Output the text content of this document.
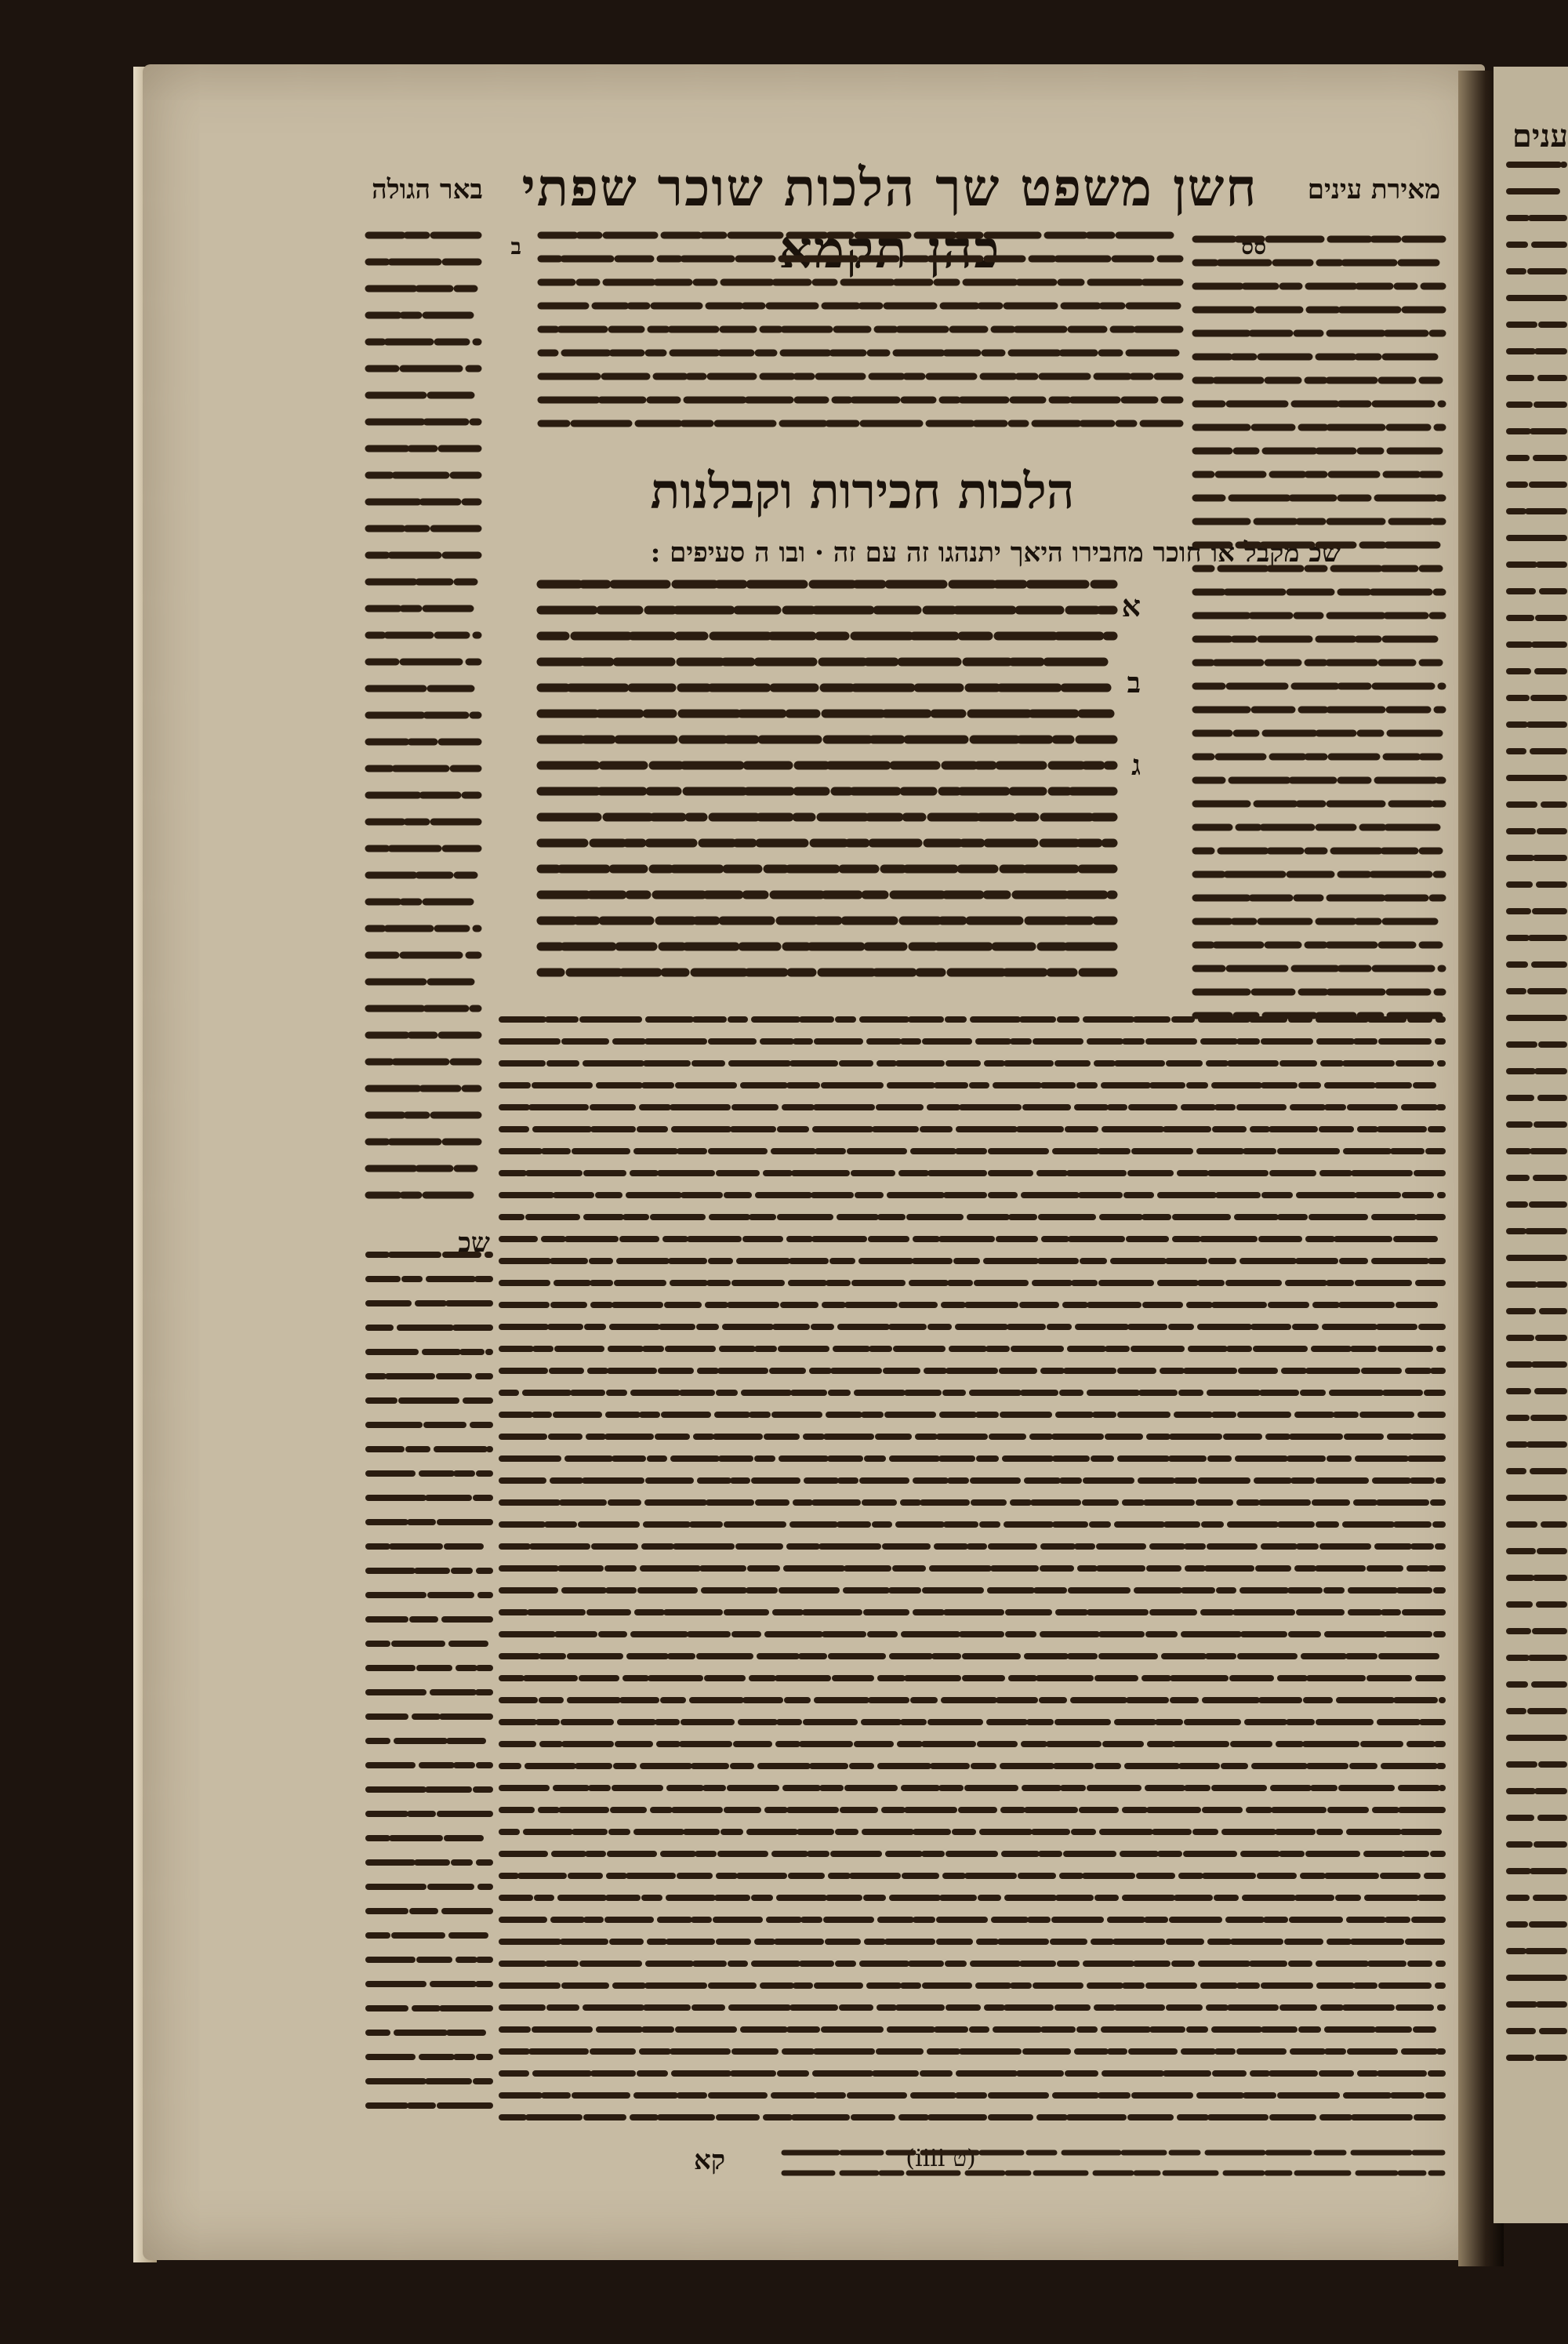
חשן משפט שך הלכות שוכר שפתי כהן תקמא
מאירת עינים
באר הגולה
הלכות חכירות וקבלנות
שכ מקבל או חוכר מחבירו היאך יתנהגו זה עם זה · ובו ה סעיפים :
סס
ב
שכ
א
ב
ג
קא	(ט iiii)
ענים
